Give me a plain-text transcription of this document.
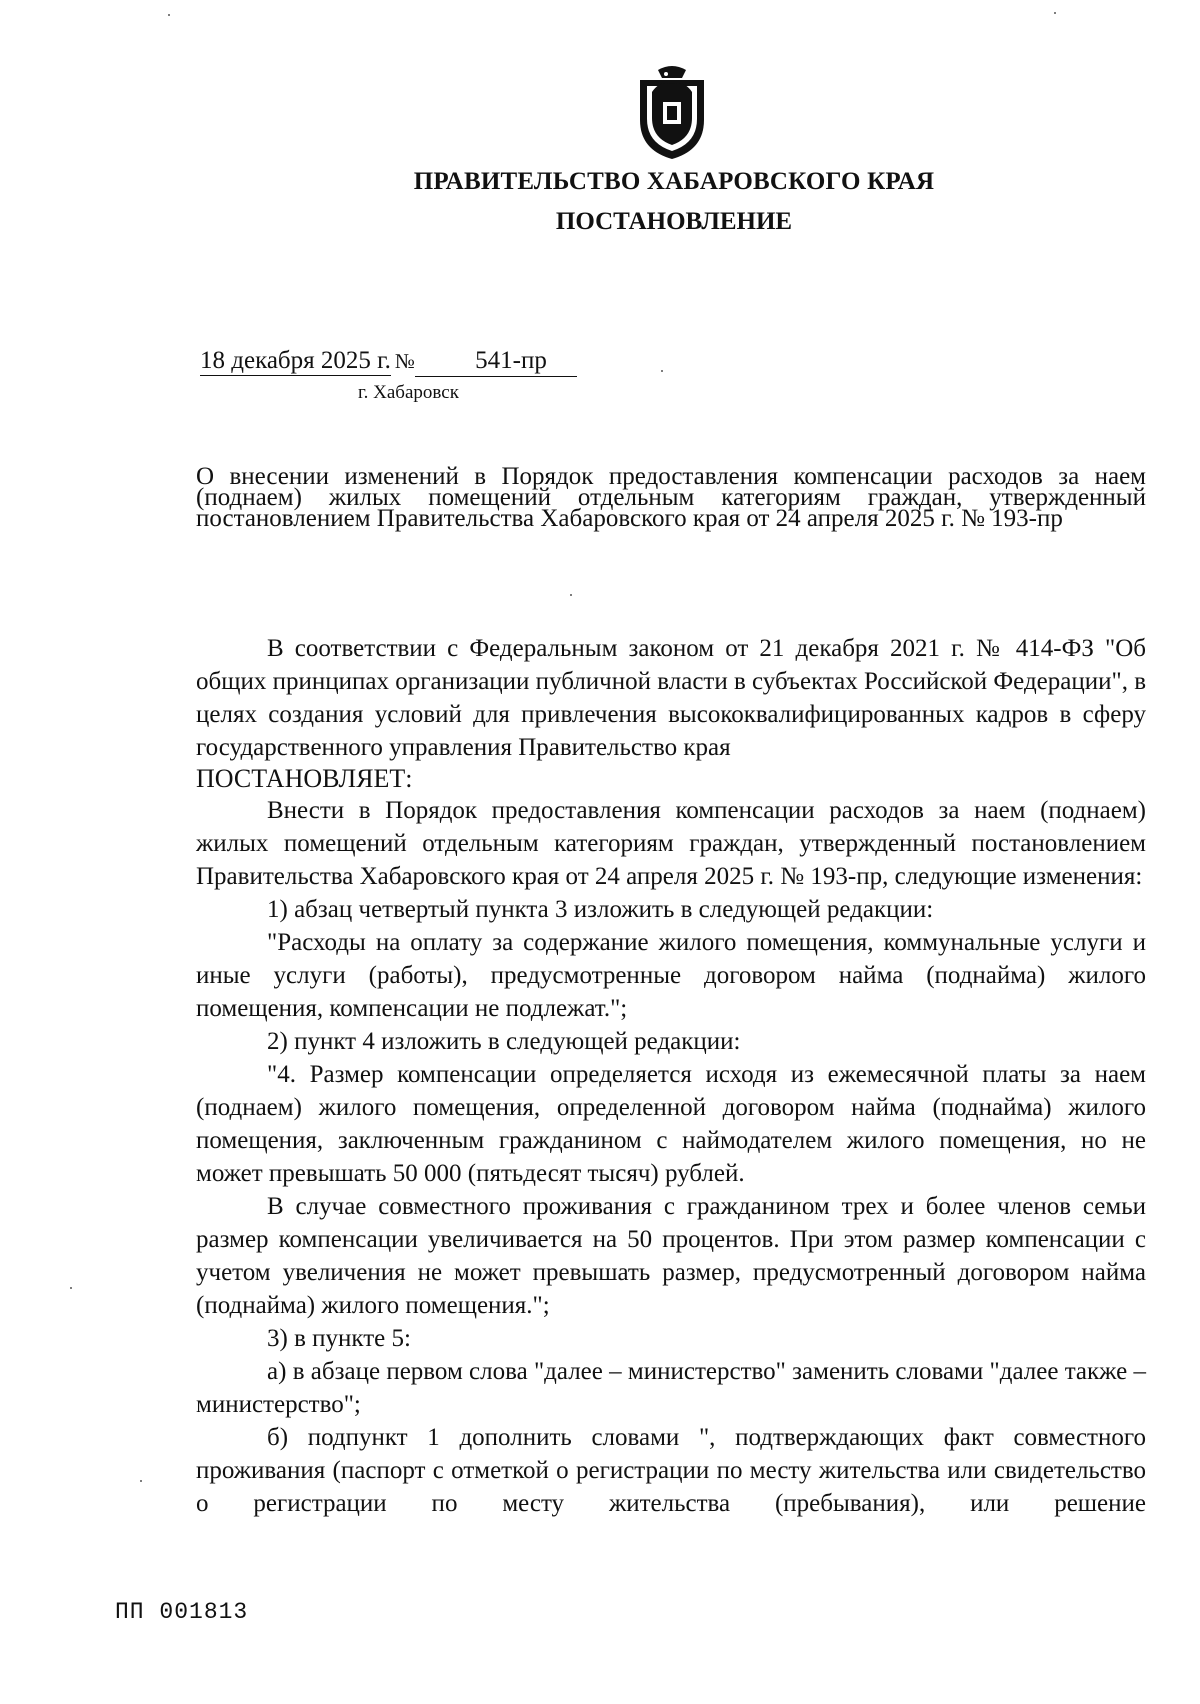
ПРАВИТЕЛЬСТВО ХАБАРОВСКОГО КРАЯ
ПОСТАНОВЛЕНИЕ
18 декабря 2025 г. № 541-пр
г. Хабаровск
О внесении изменений в Порядок предоставления компенсации расходов за наем (поднаем) жилых помещений отдельным категориям граждан, утвержденный постановлением Правительства Хабаровского края от 24 апреля 2025 г. № 193-пр

В соответствии с Федеральным законом от 21 декабря 2021 г. № 414-ФЗ "Об общих принципах организации публичной власти в субъектах Российской Федерации", в целях создания условий для привлечения высококвалифицированных кадров в сферу государственного управления Правительство края

ПОСТАНОВЛЯЕТ:

Внести в Порядок предоставления компенсации расходов за наем (поднаем) жилых помещений отдельным категориям граждан, утвержденный постановлением Правительства Хабаровского края от 24 апреля 2025 г. № 193-пр, следующие изменения:

1) абзац четвертый пункта 3 изложить в следующей редакции:

"Расходы на оплату за содержание жилого помещения, коммунальные услуги и иные услуги (работы), предусмотренные договором найма (поднайма) жилого помещения, компенсации не подлежат.";

2) пункт 4 изложить в следующей редакции:

"4. Размер компенсации определяется исходя из ежемесячной платы за наем (поднаем) жилого помещения, определенной договором найма (поднайма) жилого помещения, заключенным гражданином с наймодателем жилого помещения, но не может превышать 50 000 (пятьдесят тысяч) рублей.

В случае совместного проживания с гражданином трех и более членов семьи размер компенсации увеличивается на 50 процентов. При этом размер компенсации с учетом увеличения не может превышать размер, предусмотренный договором найма (поднайма) жилого помещения.";

3) в пункте 5:

а) в абзаце первом слова "далее – министерство" заменить словами "далее также – министерство";

б) подпункт 1 дополнить словами ", подтверждающих факт совместного проживания (паспорт с отметкой о регистрации по месту жительства или свидетельство о регистрации по месту жительства (пребывания), или решение

ПП 001813
